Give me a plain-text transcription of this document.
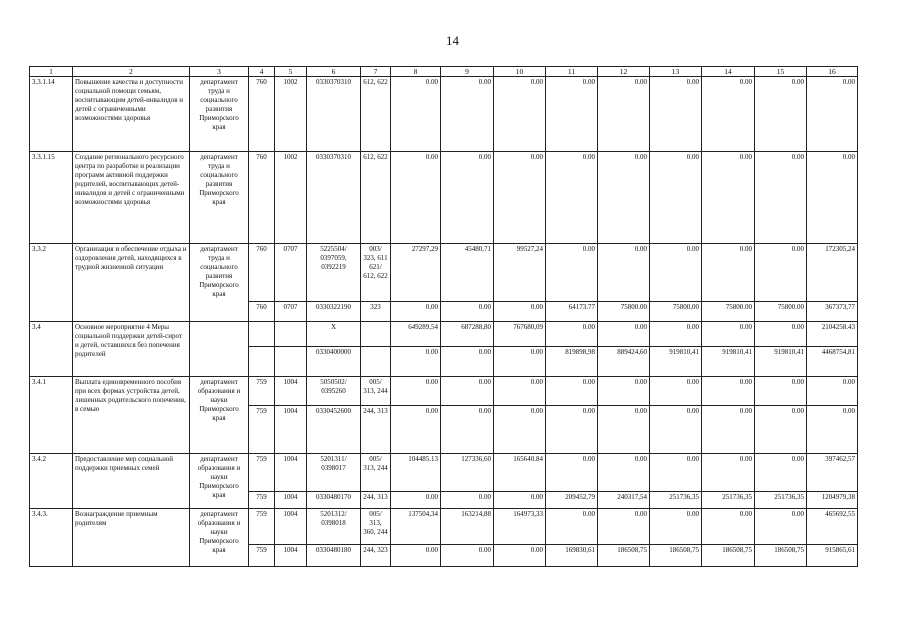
14
1	2	3	4	5	6	7	8	9	10	11	12	13	14	15	16
3.3.1.14	Повышение качества и доступности социальной помощи семьям, воспитывающим детей-инвалидов и детей с ограниченными возможностями здоровья	департамент труда и социального развития Приморского края	760	1002	0330370310	612, 622	0.00	0.00	0.00	0.00	0.00	0.00	0.00	0.00	0.00
3.3.1.15	Создание регионального ресурсного центра по разработке и реализации программ активной поддержки родителей, воспитывающих детей-инвалидов и детей с ограниченными возможностями здоровья	департамент труда и социального развития Приморского края	760	1002	0330370310	612, 622	0.00	0.00	0.00	0.00	0.00	0.00	0.00	0.00	0.00
3.3.2	Организация и обеспечение отдыха и оздоровления детей, находящихся в трудной жизненной ситуации	департамент труда и социального развития Приморского края	760	0707	5225504/ 0397059, 0392219	003/ 323, 611 621/ 612, 622	27297,29	45480,71	99527,24	0.00	0.00	0.00	0.00	0.00	172305,24
			760	0707	0330322190	323	0.00	0.00	0.00	64173.77	75800.00	75800,00	75800.00	75800.00	367373,77
3.4	Основное мероприятие 4 Меры социальной поддержки детей-сирот и детей, оставшихся без попечения родителей				X		649289,54	687288,80	767680,09	0.00	0.00	0.00	0.00	0.00	2104258.43
					0330400000		0.00	0.00	0.00	819898,98	889424,60	919810,41	919810,41	919810,41	4468754,81
3.4.1	Выплата единовременного пособия при всех формах устройства детей, лишенных родительского попечения, в семью	департамент образования и науки Приморского края	759	1004	5050502/ 0395260	005/ 313, 244	0.00	0.00	0.00	0.00	0.00	0.00	0.00	0.00	0.00
			759	1004	0330452600	244, 313	0.00	0.00	0.00	0.00	0.00	0.00	0.00	0.00	0.00
3.4.2	Предоставление мер социальной поддержки приемных семей	департамент образования и науки Приморского края	759	1004	5201311/ 0398017	005/ 313, 244	104485.13	127336,60	165640.84	0.00	0.00	0.00	0.00	0.00	397462,57
			759	1004	0330480170	244, 313	0.00	0.00	0.00	209452,79	240317,54	251736,35	251736,35	251736,35	1204979,38
3.4.3.	Вознаграждение приемным родителям	департамент образования и науки Приморского края	759	1004	5201312/ 0398018	005/ 313, 360, 244	137504,34	163214,88	164973,33	0.00	0.00	0.00	0.00	0.00	465692,55
			759	1004	0330480180	244, 323	0.00	0.00	0.00	169830,61	186508,75	186508,75	186508,75	186508,75	915865,61
